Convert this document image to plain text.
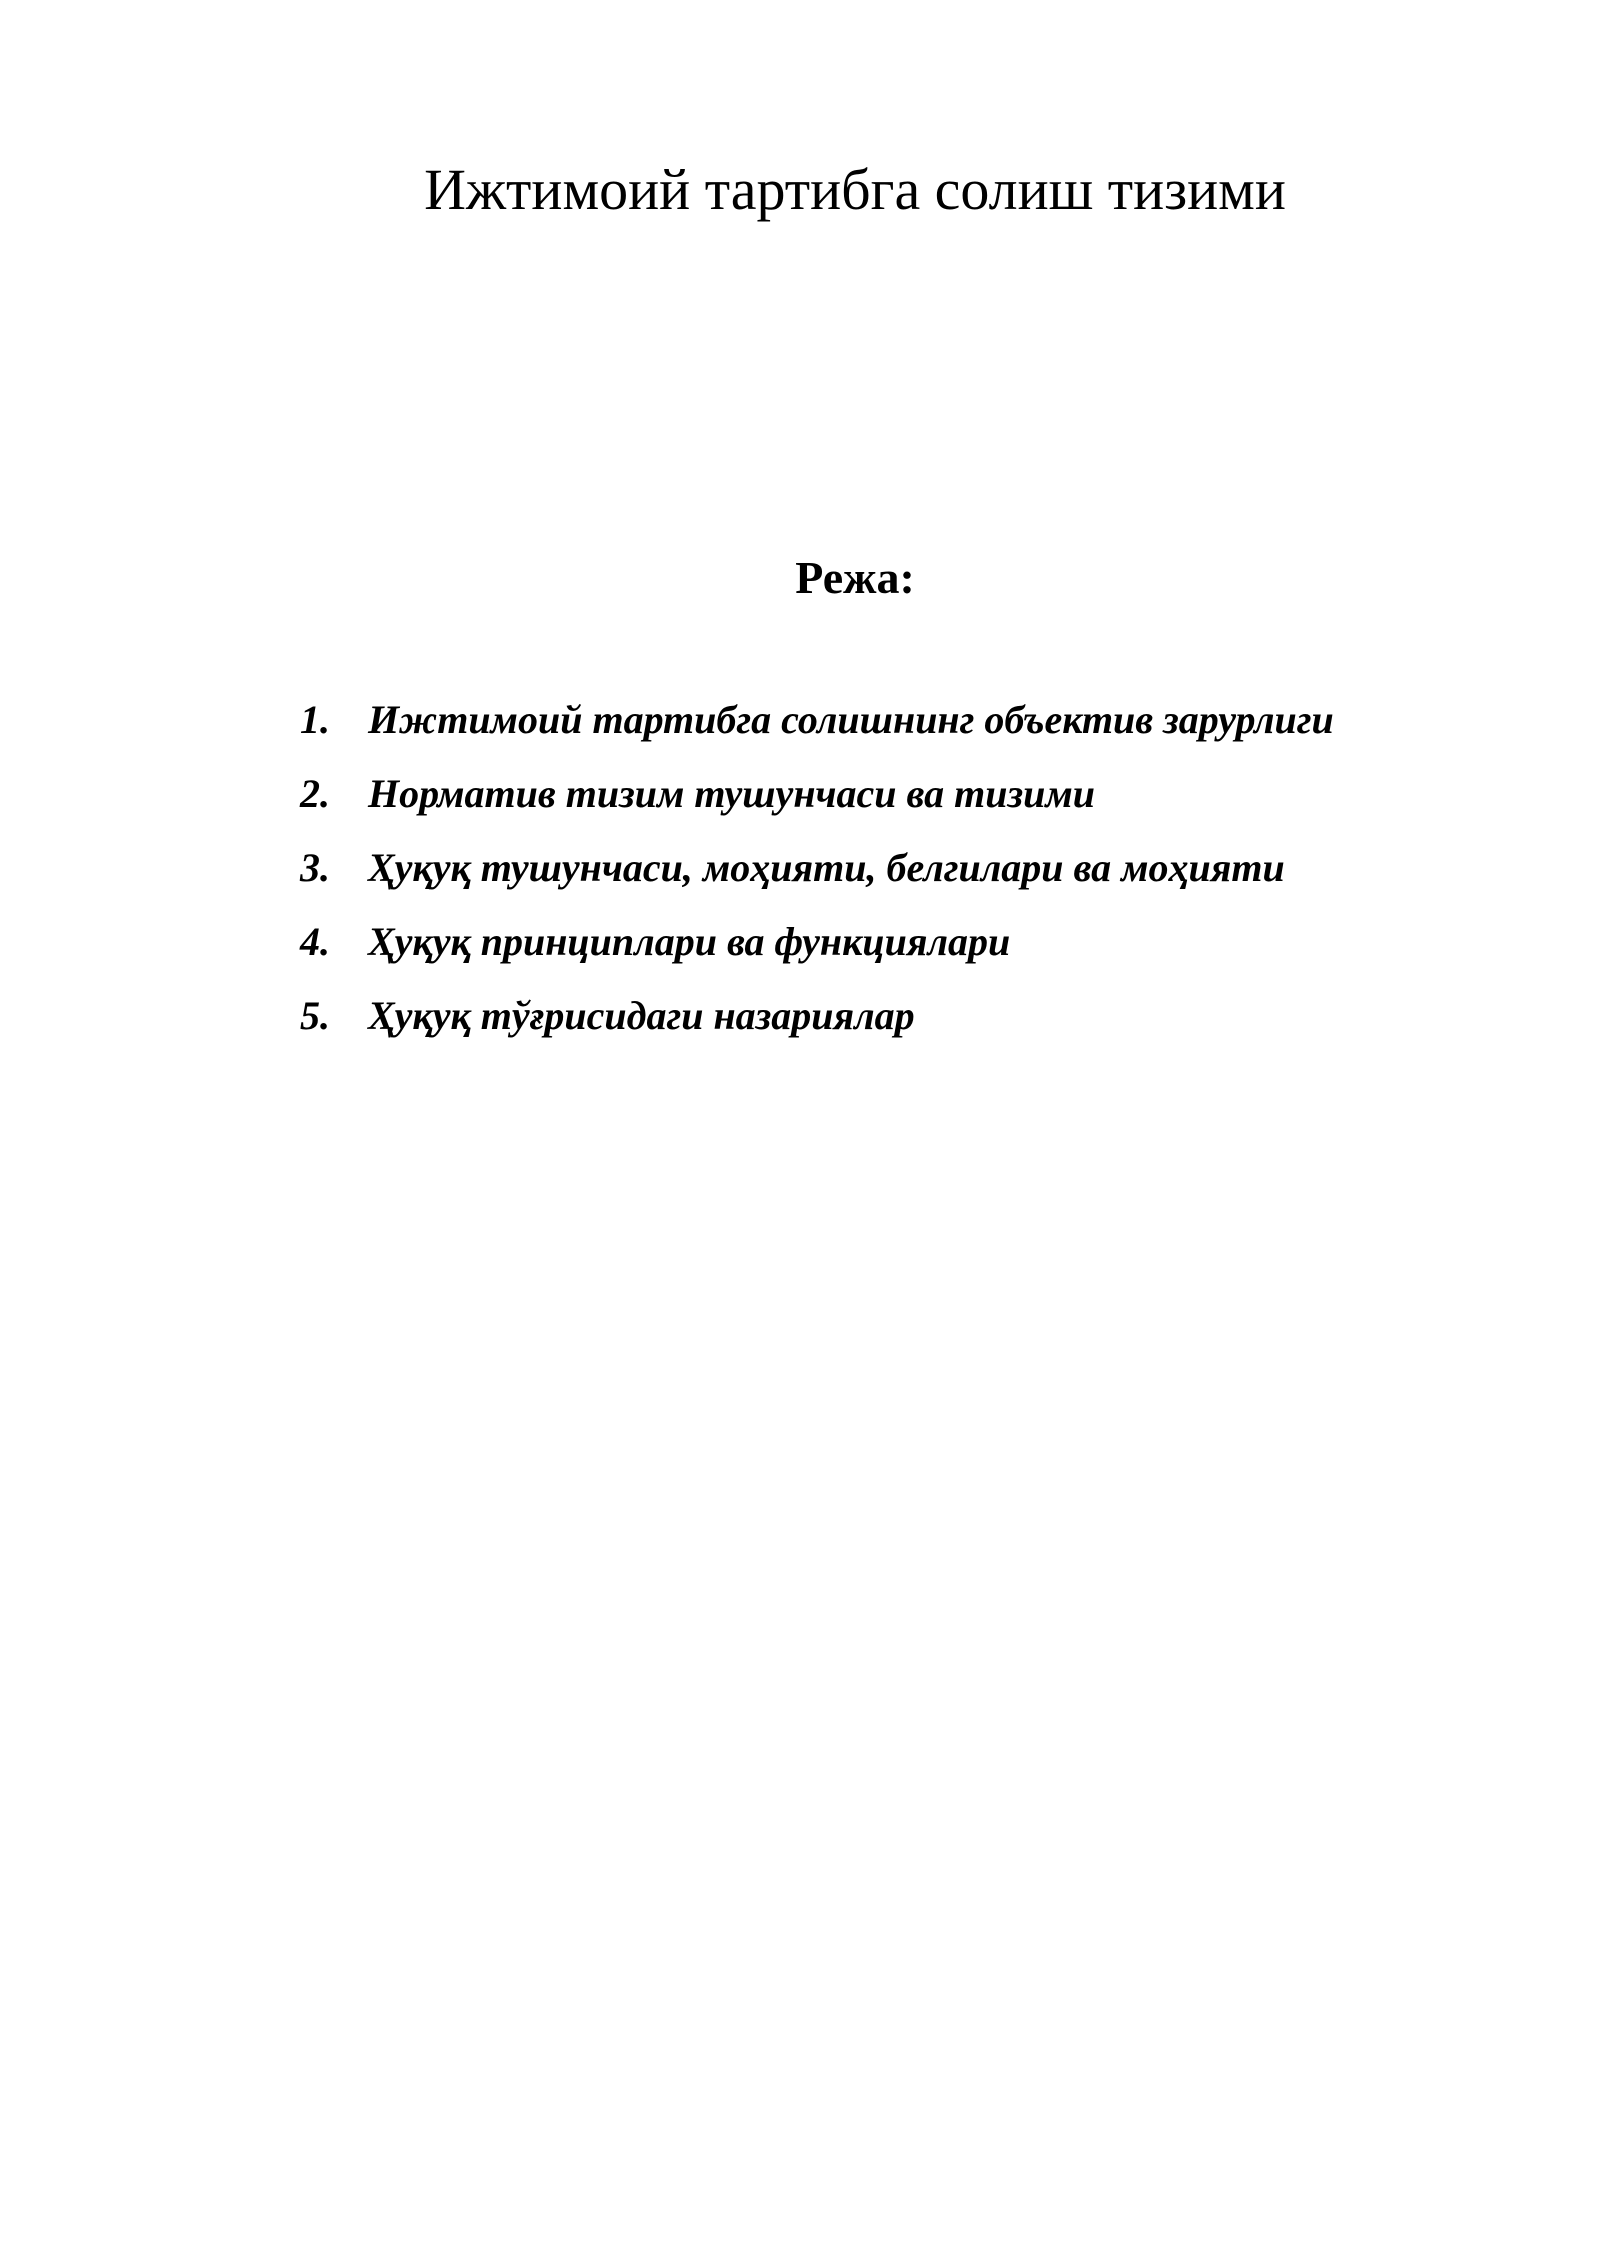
Ижтимоий тартибга солиш тизими
Режа:
1. Ижтимоий тартибга солишнинг объектив зарурлиги
2. Норматив тизим тушунчаси ва тизими
3. Ҳуқуқ тушунчаси, моҳияти, белгилари ва моҳияти
4. Ҳуқуқ принциплари ва функциялари
5. Ҳуқуқ тўғрисидаги назариялар
